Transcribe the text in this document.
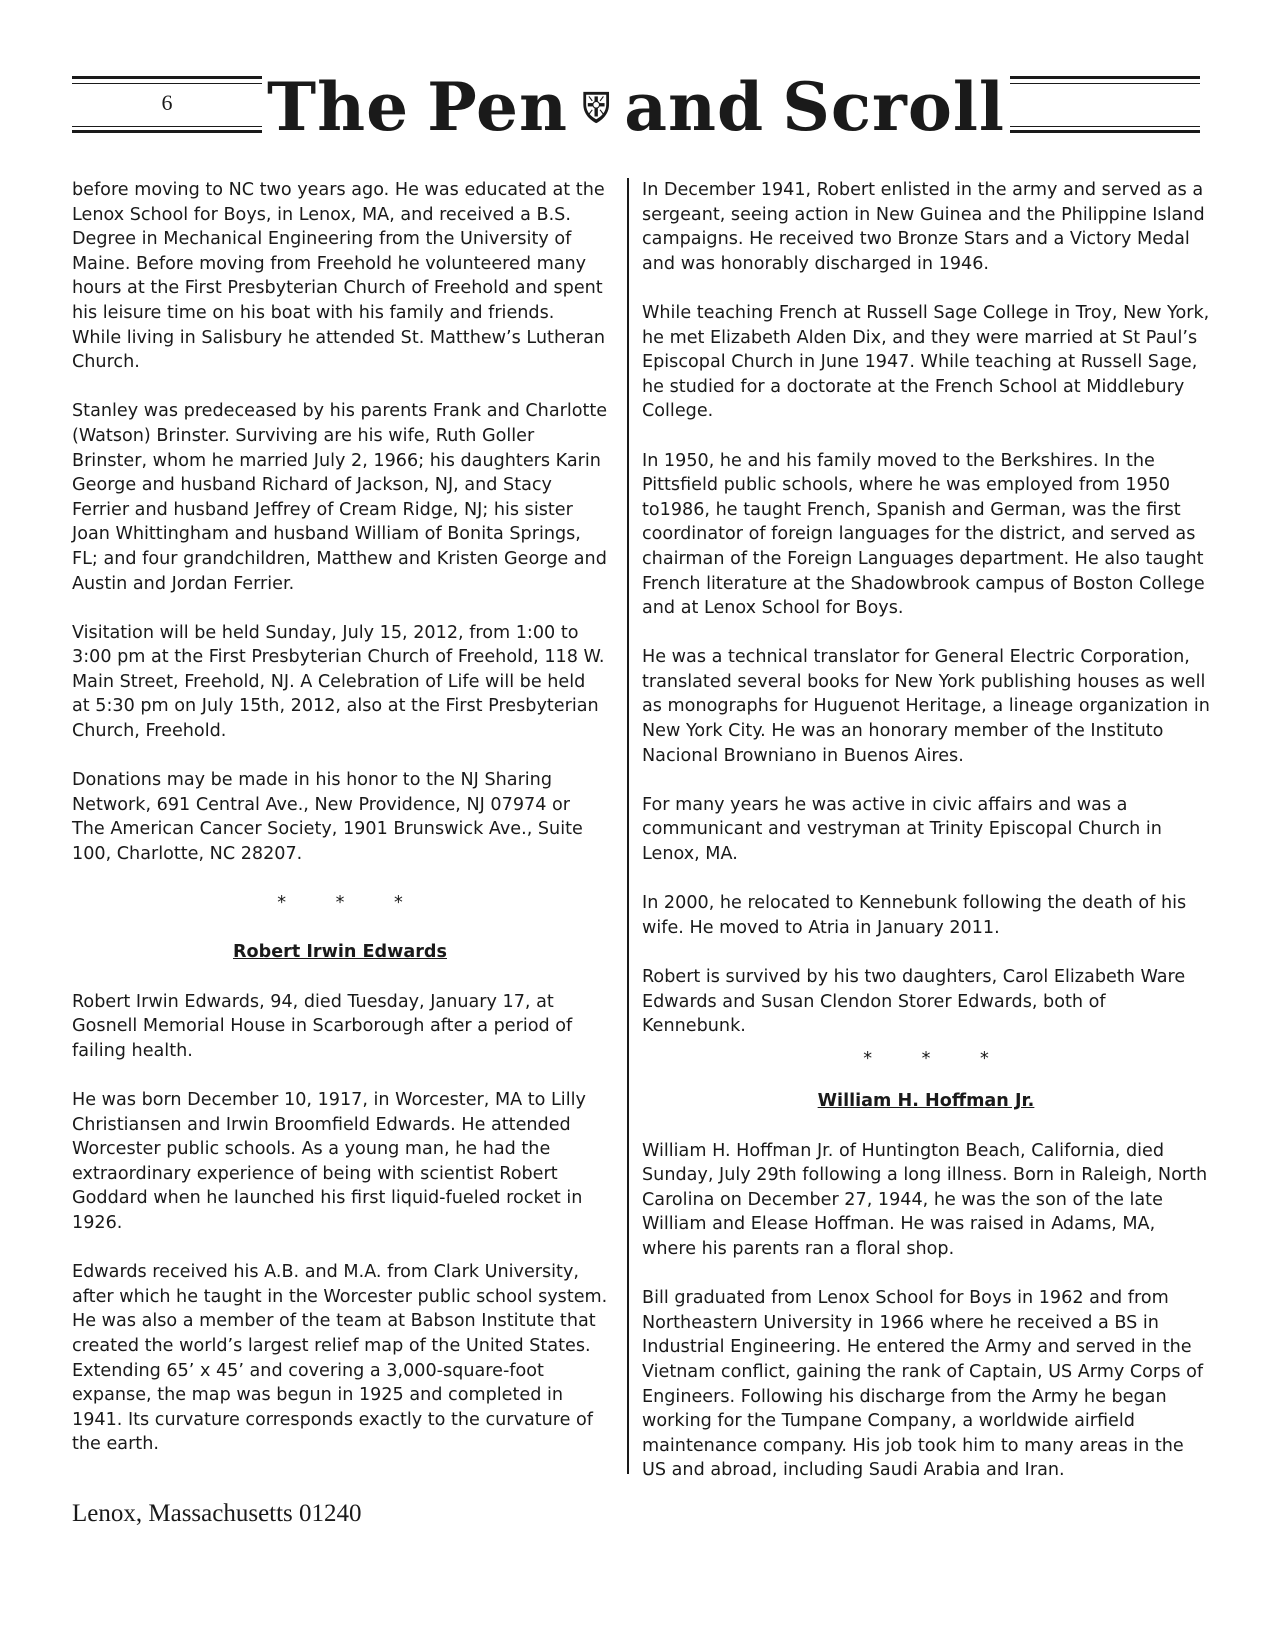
6	The Pen and Scroll

before moving to NC two years ago. He was educated at the Lenox School for Boys, in Lenox, MA, and received a B.S. Degree in Mechanical Engineering from the University of Maine. Before moving from Freehold he volunteered many hours at the First Presbyterian Church of Freehold and spent his leisure time on his boat with his family and friends. While living in Salisbury he attended St. Matthew’s Lutheran Church.

Stanley was predeceased by his parents Frank and Charlotte (Watson) Brinster. Surviving are his wife, Ruth Goller Brinster, whom he married July 2, 1966; his daughters Karin George and husband Richard of Jackson, NJ, and Stacy Ferrier and husband Jeffrey of Cream Ridge, NJ; his sister Joan Whittingham and husband William of Bonita Springs, FL; and four grandchildren, Matthew and Kristen George and Austin and Jordan Ferrier.

Visitation will be held Sunday, July 15, 2012, from 1:00 to 3:00 pm at the First Presbyterian Church of Freehold, 118 W. Main Street, Freehold, NJ. A Celebration of Life will be held at 5:30 pm on July 15th, 2012, also at the First Presbyterian Church, Freehold.

Donations may be made in his honor to the NJ Sharing Network, 691 Central Ave., New Providence, NJ 07974 or The American Cancer Society, 1901 Brunswick Ave., Suite 100, Charlotte, NC 28207.

* * *
Robert Irwin Edwards

Robert Irwin Edwards, 94, died Tuesday, January 17, at Gosnell Memorial House in Scarborough after a period of failing health.

He was born December 10, 1917, in Worcester, MA to Lilly Christiansen and Irwin Broomfield Edwards. He attended Worcester public schools. As a young man, he had the extraordinary experience of being with scientist Robert Goddard when he launched his first liquid-fueled rocket in 1926.

Edwards received his A.B. and M.A. from Clark University, after which he taught in the Worcester public school system. He was also a member of the team at Babson Institute that created the world’s largest relief map of the United States. Extending 65’ x 45’ and covering a 3,000-square-foot expanse, the map was begun in 1925 and completed in 1941. Its curvature corresponds exactly to the curvature of the earth.

In December 1941, Robert enlisted in the army and served as a sergeant, seeing action in New Guinea and the Philippine Island campaigns. He received two Bronze Stars and a Victory Medal and was honorably discharged in 1946.

While teaching French at Russell Sage College in Troy, New York, he met Elizabeth Alden Dix, and they were married at St Paul’s Episcopal Church in June 1947. While teaching at Russell Sage, he studied for a doctorate at the French School at Middlebury College.

In 1950, he and his family moved to the Berkshires. In the Pittsfield public schools, where he was employed from 1950 to1986, he taught French, Spanish and German, was the first coordinator of foreign languages for the district, and served as chairman of the Foreign Languages department. He also taught French literature at the Shadowbrook campus of Boston College and at Lenox School for Boys.

He was a technical translator for General Electric Corporation, translated several books for New York publishing houses as well as monographs for Huguenot Heritage, a lineage organization in New York City. He was an honorary member of the Instituto Nacional Browniano in Buenos Aires.

For many years he was active in civic affairs and was a communicant and vestryman at Trinity Episcopal Church in Lenox, MA.

In 2000, he relocated to Kennebunk following the death of his wife. He moved to Atria in January 2011.

Robert is survived by his two daughters, Carol Elizabeth Ware Edwards and Susan Clendon Storer Edwards, both of Kennebunk.

* * *
William H. Hoffman Jr.

William H. Hoffman Jr. of Huntington Beach, California, died Sunday, July 29th following a long illness. Born in Raleigh, North Carolina on December 27, 1944, he was the son of the late William and Elease Hoffman. He was raised in Adams, MA, where his parents ran a floral shop.

Bill graduated from Lenox School for Boys in 1962 and from Northeastern University in 1966 where he received a BS in Industrial Engineering. He entered the Army and served in the Vietnam conflict, gaining the rank of Captain, US Army Corps of Engineers. Following his discharge from the Army he began working for the Tumpane Company, a worldwide airfield maintenance company. His job took him to many areas in the US and abroad, including Saudi Arabia and Iran.

Lenox, Massachusetts 01240
